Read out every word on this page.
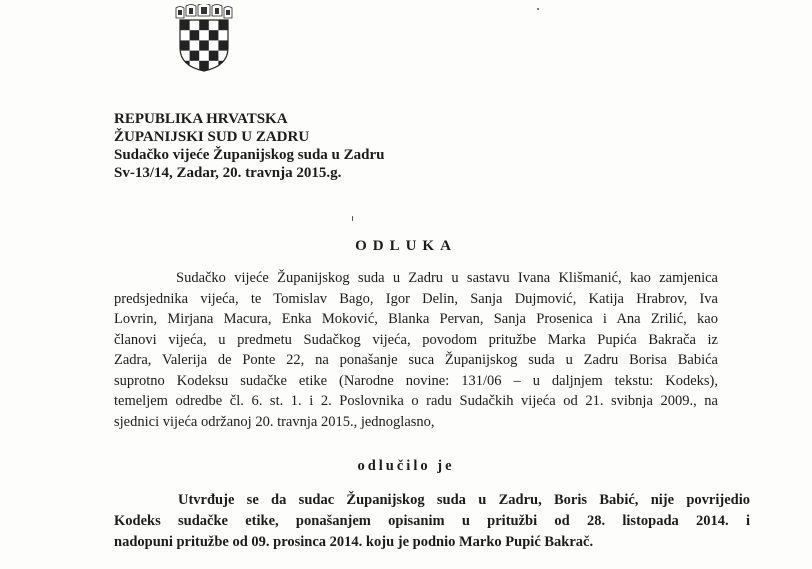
REPUBLIKA HRVATSKA
ŽUPANIJSKI SUD U ZADRU
Sudačko vijeće Županijskog suda u Zadru
Sv-13/14, Zadar, 20. travnja 2015.g.
ODLUKA
Sudačko vijeće Županijskog suda u Zadru u sastavu Ivana Klišmanić, kao zamjenica
predsjednika vijeća, te Tomislav Bago, Igor Delin, Sanja Dujmović, Katija Hrabrov, Iva
Lovrin, Mirjana Macura, Enka Moković, Blanka Pervan, Sanja Prosenica i Ana Zrilić, kao
članovi vijeća, u predmetu Sudačkog vijeća, povodom pritužbe Marka Pupića Bakrača iz
Zadra, Valerija de Ponte 22, na ponašanje suca Županijskog suda u Zadru Borisa Babića
suprotno Kodeksu sudačke etike (Narodne novine: 131/06 – u daljnjem tekstu: Kodeks),
temeljem odredbe čl. 6. st. 1. i 2. Poslovnika o radu Sudačkih vijeća od 21. svibnja 2009., na
sjednici vijeća održanoj 20. travnja 2015., jednoglasno,
odlučilo je
Utvrđuje se da sudac Županijskog suda u Zadru, Boris Babić, nije povrijedio
Kodeks sudačke etike, ponašanjem opisanim u pritužbi od 28. listopada 2014. i
nadopuni pritužbe od 09. prosinca 2014. koju je podnio Marko Pupić Bakrač.
